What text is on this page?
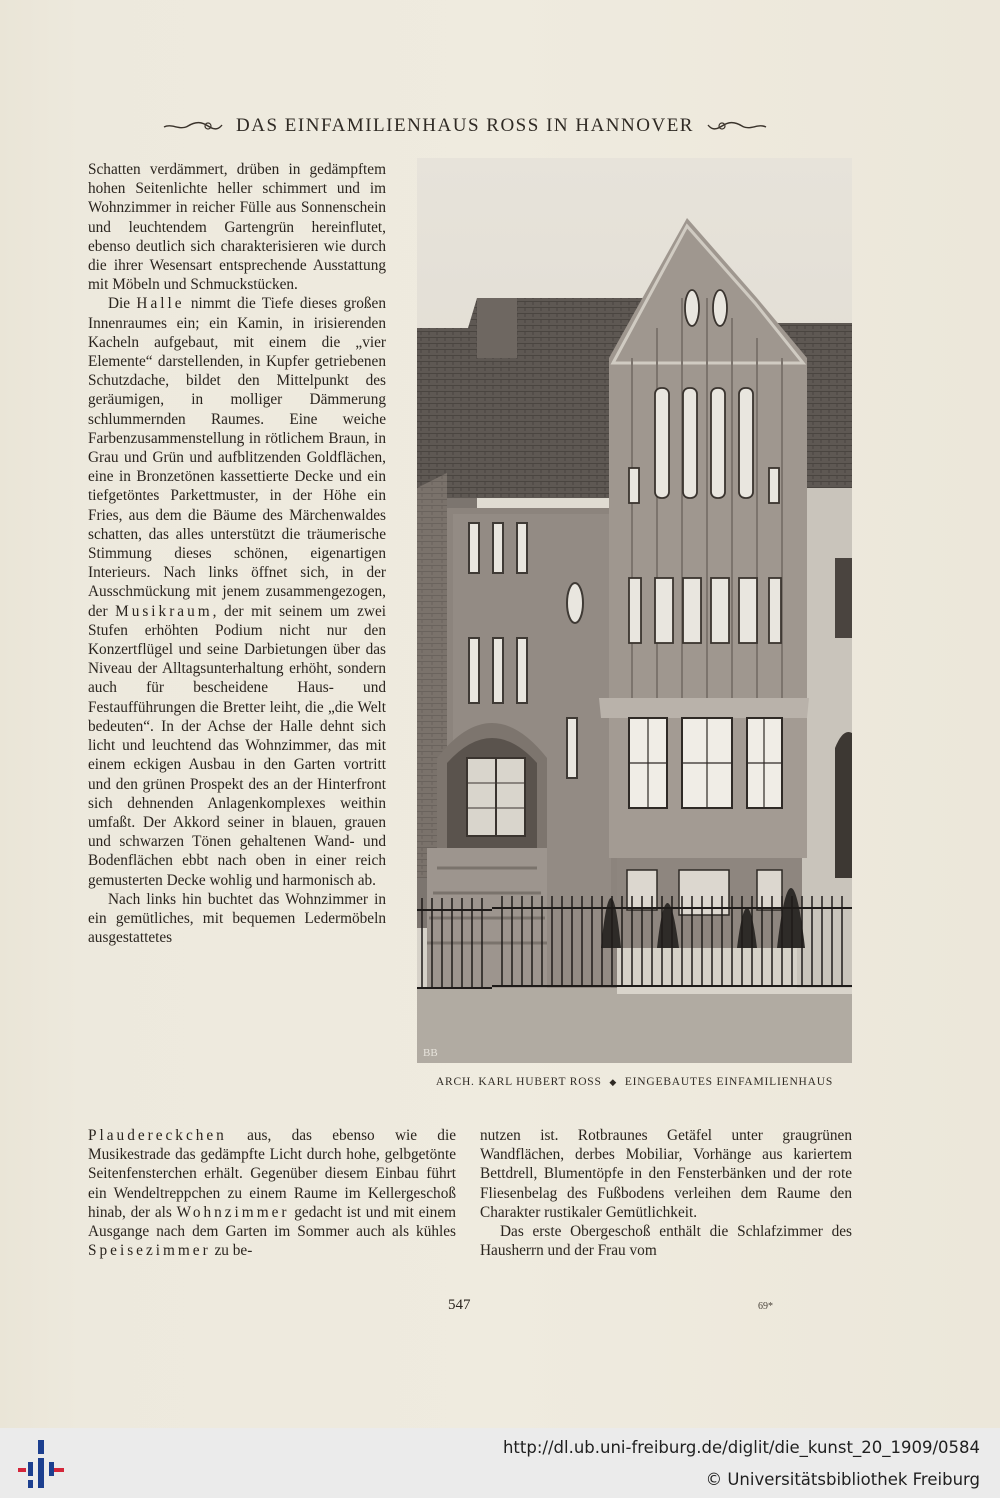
DAS EINFAMILIENHAUS ROSS IN HANNOVER

Schatten verdämmert, drüben in gedämpftem hohen Seitenlichte heller schimmert und im Wohnzimmer in reicher Fülle aus Sonnenschein und leuchtendem Gartengrün hereinflutet, ebenso deutlich sich charakterisieren wie durch die ihrer Wesensart entsprechende Ausstattung mit Möbeln und Schmuckstücken.

Die Halle nimmt die Tiefe dieses großen Innenraumes ein; ein Kamin, in irisierenden Kacheln aufgebaut, mit einem die „vier Elemente“ darstellenden, in Kupfer getriebenen Schutzdache, bildet den Mittelpunkt des geräumigen, in molliger Dämmerung schlummernden Raumes. Eine weiche Farbenzusammenstellung in rötlichem Braun, in Grau und Grün und aufblitzenden Goldflächen, eine in Bronzetönen kassettierte Decke und ein tiefgetöntes Parkettmuster, in der Höhe ein Fries, aus dem die Bäume des Märchenwaldes schatten, das alles unterstützt die träumerische Stimmung dieses schönen, eigenartigen Interieurs. Nach links öffnet sich, in der Ausschmückung mit jenem zusammengezogen, der Musikraum, der mit seinem um zwei Stufen erhöhten Podium nicht nur den Konzertflügel und seine Darbietungen über das Niveau der Alltagsunterhaltung erhöht, sondern auch für bescheidene Haus- und Festaufführungen die Bretter leiht, die „die Welt bedeuten“. In der Achse der Halle dehnt sich licht und leuchtend das Wohnzimmer, das mit einem eckigen Ausbau in den Garten vortritt und den grünen Prospekt des an der Hinterfront sich dehnenden Anlagenkomplexes weithin umfaßt. Der Akkord seiner in blauen, grauen und schwarzen Tönen gehaltenen Wand- und Bodenflächen ebbt nach oben in einer reich gemusterten Decke wohlig und harmonisch ab.

Nach links hin buchtet das Wohnzimmer in ein gemütliches, mit bequemen Ledermöbeln ausgestattetes

BB
ARCH. KARL HUBERT ROSS ◆ EINGEBAUTES EINFAMILIENHAUS

Plaudereckchen aus, das ebenso wie die Musikestrade das gedämpfte Licht durch hohe, gelbgetönte Seitenfensterchen erhält. Gegenüber diesem Einbau führt ein Wendeltreppchen zu einem Raume im Kellergeschoß hinab, der als Wohnzimmer gedacht ist und mit einem Ausgange nach dem Garten im Sommer auch als kühles Speisezimmer zu be-

nutzen ist. Rotbraunes Getäfel unter graugrünen Wandflächen, derbes Mobiliar, Vorhänge aus kariertem Bettdrell, Blumentöpfe in den Fensterbänken und der rote Fliesenbelag des Fußbodens verleihen dem Raume den Charakter rustikaler Gemütlichkeit.

Das erste Obergeschoß enthält die Schlafzimmer des Hausherrn und der Frau vom

547	69*
http://dl.ub.uni-freiburg.de/diglit/die_kunst_20_1909/0584
© Universitätsbibliothek Freiburg
